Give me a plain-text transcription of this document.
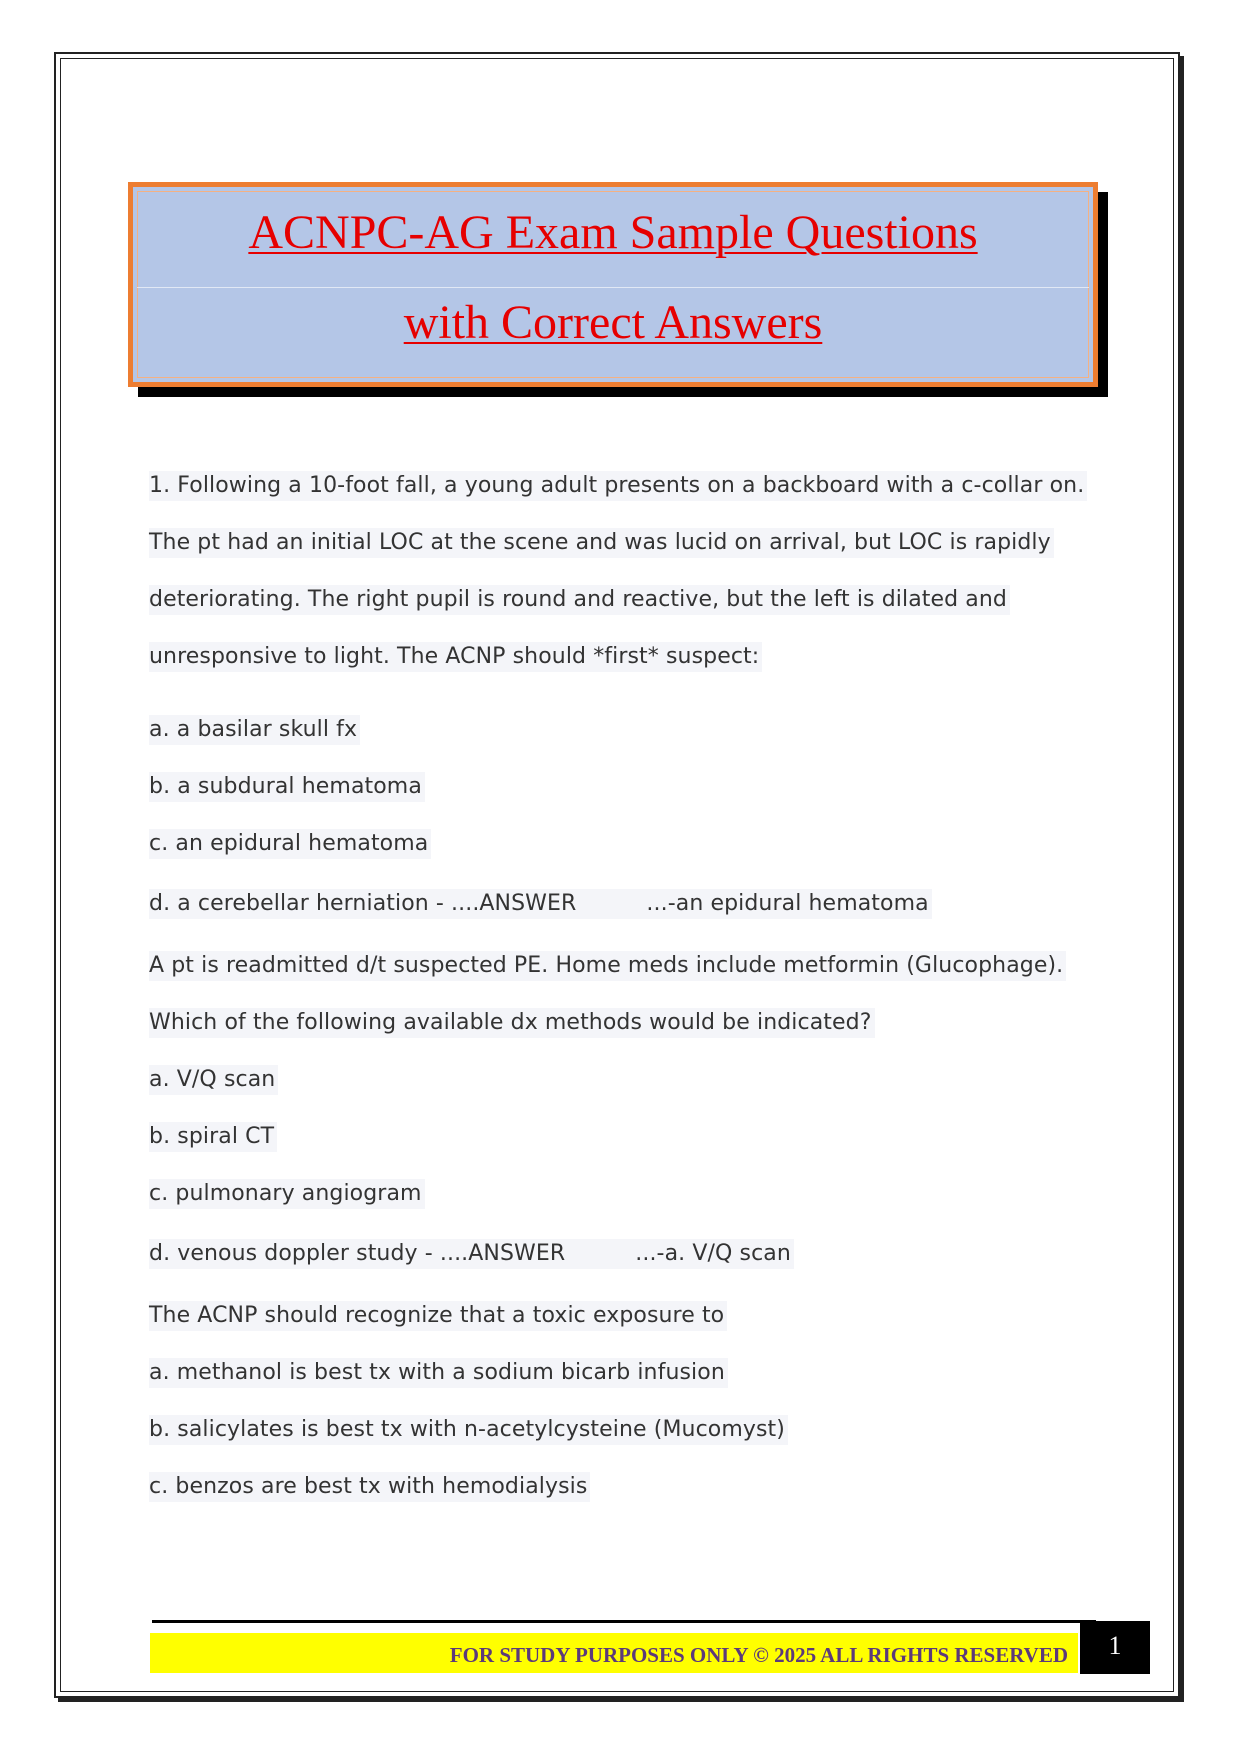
ACNPC-AG Exam Sample Questions
with Correct Answers
1. Following a 10-foot fall, a young adult presents on a backboard with a c-collar on.
The pt had an initial LOC at the scene and was lucid on arrival, but LOC is rapidly
deteriorating. The right pupil is round and reactive, but the left is dilated and
unresponsive to light. The ACNP should *first* suspect:
a. a basilar skull fx
b. a subdural hematoma
c. an epidural hematoma
d. a cerebellar herniation - ....ANSWER	...-an epidural hematoma
A pt is readmitted d/t suspected PE. Home meds include metformin (Glucophage).
Which of the following available dx methods would be indicated?
a. V/Q scan
b. spiral CT
c. pulmonary angiogram
d. venous doppler study - ....ANSWER	...-a. V/Q scan
The ACNP should recognize that a toxic exposure to
a. methanol is best tx with a sodium bicarb infusion
b. salicylates is best tx with n-acetylcysteine (Mucomyst)
c. benzos are best tx with hemodialysis
FOR STUDY PURPOSES ONLY © 2025 ALL RIGHTS RESERVED	1
